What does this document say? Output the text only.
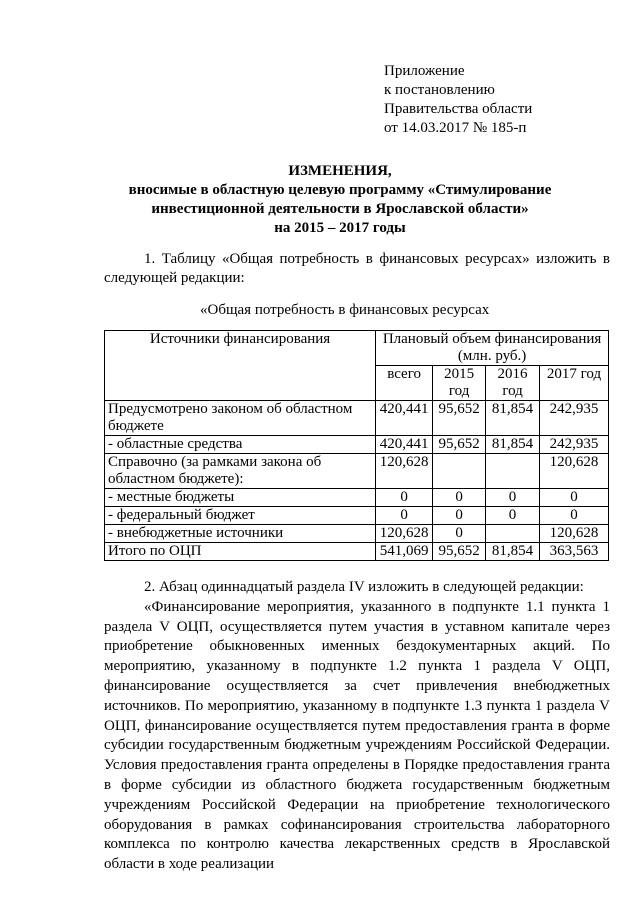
Приложение
к постановлению
Правительства области
от 14.03.2017 № 185-п
ИЗМЕНЕНИЯ,
вносимые в областную целевую программу «Стимулирование
инвестиционной деятельности в Ярославской области»
на 2015 – 2017 годы
1. Таблицу «Общая потребность в финансовых ресурсах» изложить в следующей редакции:
«Общая потребность в финансовых ресурсах
Источники финансирования	Плановый объем финансирования (млн. руб.)			
	всего	2015 год	2016 год	2017 год
Предусмотрено законом об областном бюджете	420,441	95,652	81,854	242,935
- областные средства	420,441	95,652	81,854	242,935
Справочно (за рамками закона об областном бюджете):	120,628			120,628
- местные бюджеты	0	0	0	0
- федеральный бюджет	0	0	0	0
- внебюджетные источники	120,628	0		120,628
Итого по ОЦП	541,069	95,652	81,854	363,563
2. Абзац одиннадцатый раздела IV изложить в следующей редакции:
«Финансирование мероприятия, указанного в подпункте 1.1 пункта 1 раздела V ОЦП, осуществляется путем участия в уставном капитале через приобретение обыкновенных именных бездокументарных акций. По мероприятию, указанному в подпункте 1.2 пункта 1 раздела V ОЦП, финансирование осуществляется за счет привлечения внебюджетных источников. По мероприятию, указанному в подпункте 1.3 пункта 1 раздела V ОЦП, финансирование осуществляется путем предоставления гранта в форме субсидии государственным бюджетным учреждениям Российской Федерации. Условия предоставления гранта определены в Порядке предоставления гранта в форме субсидии из областного бюджета государственным бюджетным учреждениям Российской Федерации на приобретение технологического оборудования в рамках софинансирования строительства лабораторного комплекса по контролю качества лекарственных средств в Ярославской области в ходе реализации
